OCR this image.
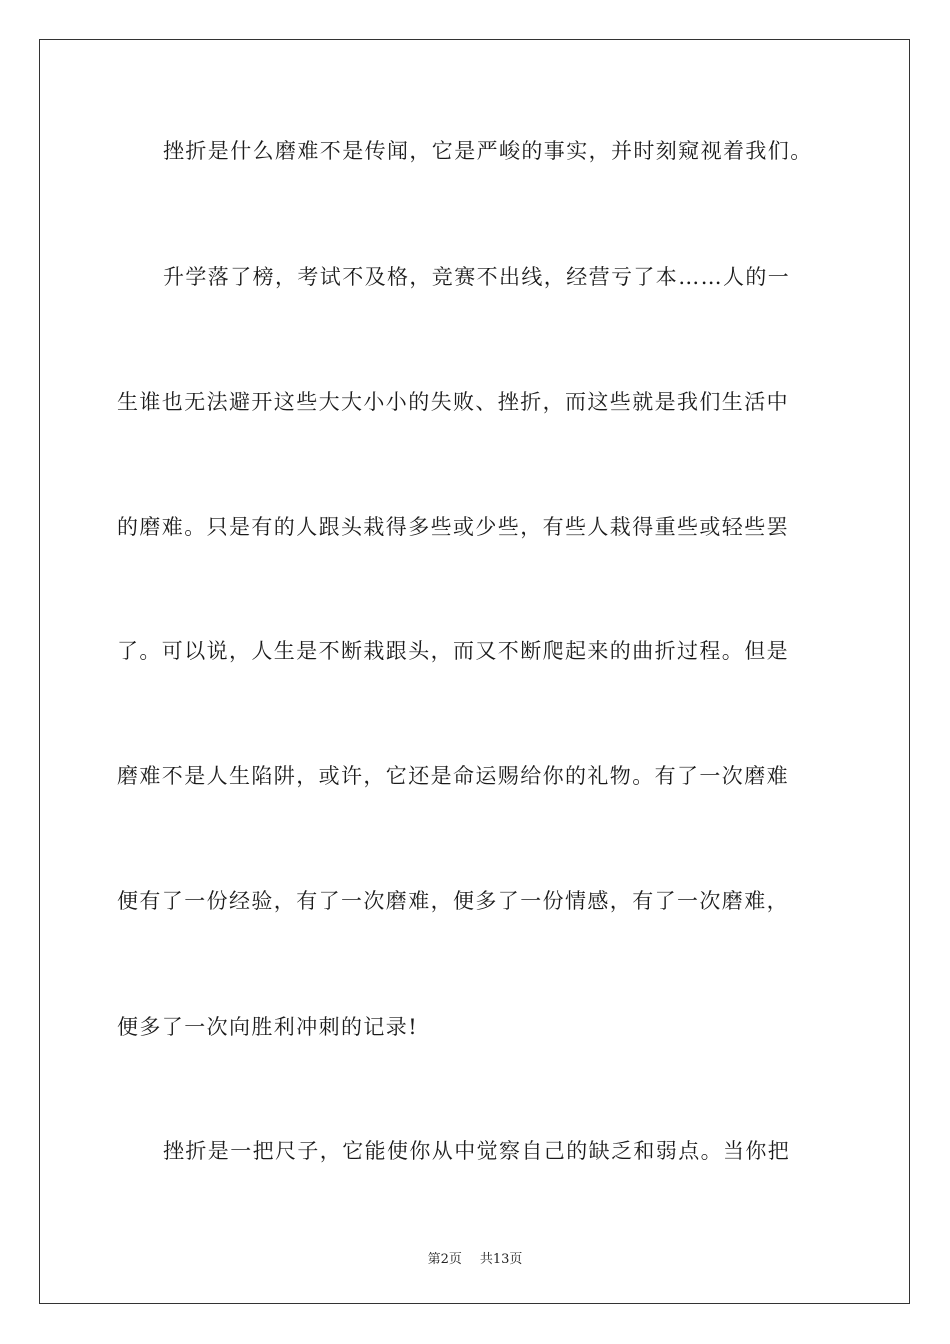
挫折是什么磨难不是传闻，它是严峻的事实，并时刻窥视着我们。
升学落了榜，考试不及格，竞赛不出线，经营亏了本……人的一
生谁也无法避开这些大大小小的失败、挫折，而这些就是我们生活中
的磨难。只是有的人跟头栽得多些或少些，有些人栽得重些或轻些罢
了。可以说，人生是不断栽跟头，而又不断爬起来的曲折过程。但是
磨难不是人生陷阱，或许，它还是命运赐给你的礼物。有了一次磨难
便有了一份经验，有了一次磨难，便多了一份情感，有了一次磨难，
便多了一次向胜利冲刺的记录!
挫折是一把尺子，它能使你从中觉察自己的缺乏和弱点。当你把
第2页 共13页
